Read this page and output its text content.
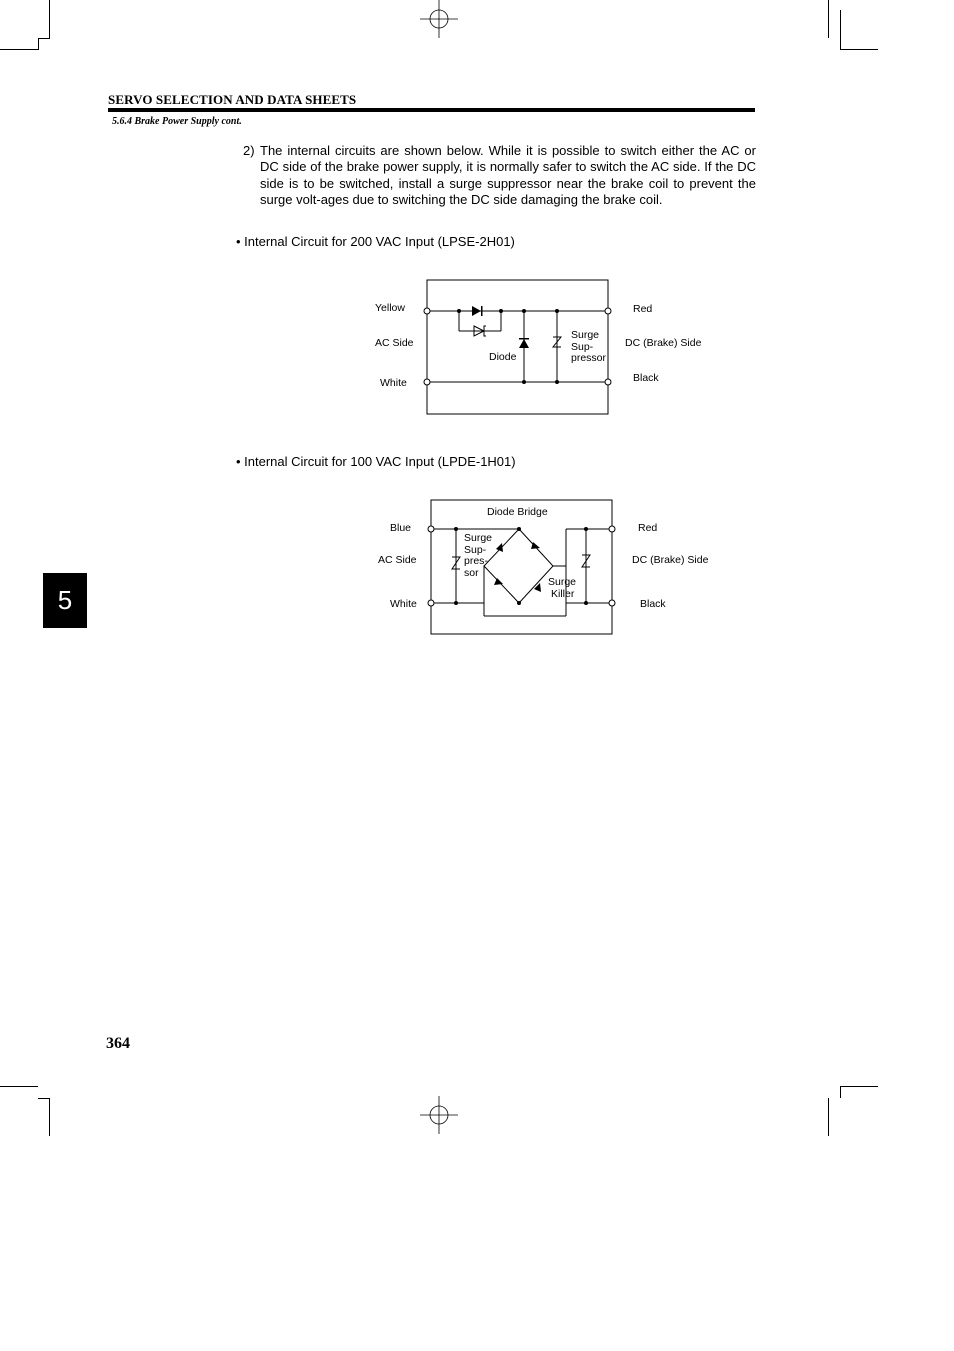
SERVO SELECTION AND DATA SHEETS
5.6.4 Brake Power Supply cont.
2) The internal circuits are shown below. While it is possible to switch either the AC or DC side of the brake power supply, it is normally safer to switch the AC side. If the DC side is to be switched, install a surge suppressor near the brake coil to prevent the surge volt-ages due to switching the DC side damaging the brake coil.
• Internal Circuit for 200 VAC Input (LPSE-2H01)
Yellow
AC Side
White
Diode
Surge
Sup-
pressor
Red
DC (Brake) Side
Black
• Internal Circuit for 100 VAC Input (LPDE-1H01)
Diode Bridge
Blue
AC Side
White
Surge
Sup-
pres-
sor
Surge
Killer
Red
DC (Brake) Side
Black
5
364
